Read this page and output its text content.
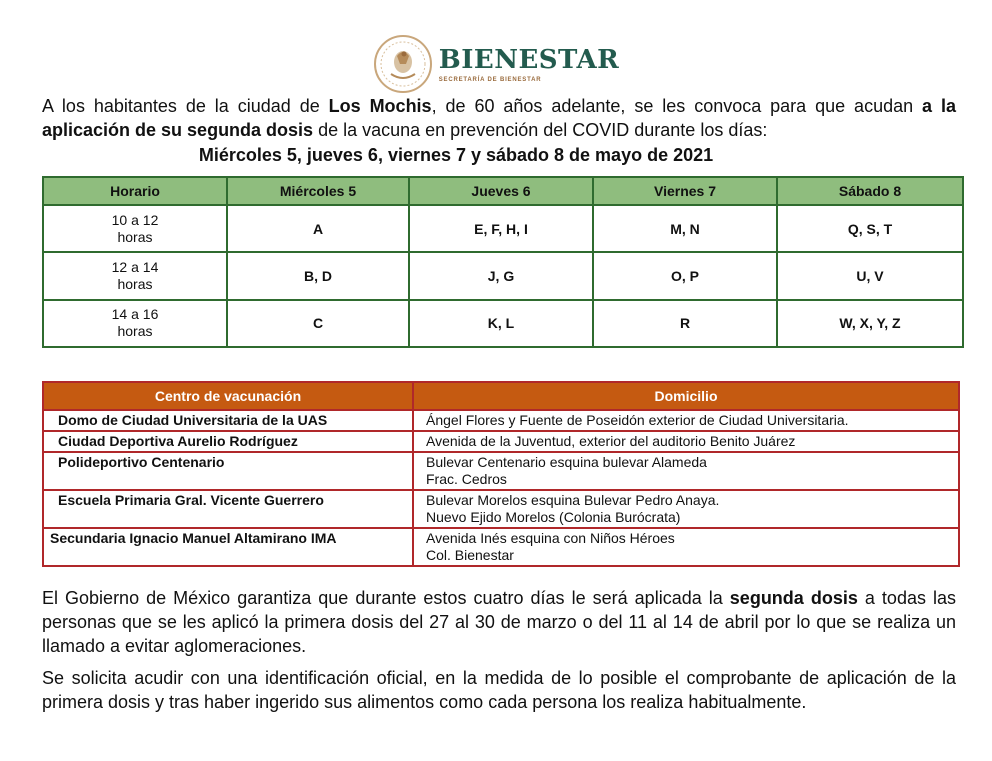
BIENESTAR
SECRETARÍA DE BIENESTAR
A los habitantes de la ciudad de Los Mochis, de 60 años adelante, se les convoca para que acudan a la aplicación de su segunda dosis de la vacuna en prevención del COVID durante los días:
Miércoles 5, jueves 6, viernes 7 y sábado 8 de mayo de 2021
Horario	Miércoles 5	Jueves 6	Viernes 7	Sábado 8
10 a 12
horas	A	E, F, H, I	M, N	Q, S, T
12 a 14
horas	B, D	J, G	O, P	U, V
14 a 16
horas	C	K, L	R	W, X, Y, Z
Centro de vacunación	Domicilio
Domo de Ciudad Universitaria de la UAS	Ángel Flores y Fuente de Poseidón exterior de Ciudad Universitaria.
Ciudad Deportiva Aurelio Rodríguez	Avenida de la Juventud, exterior del auditorio Benito Juárez
Polideportivo Centenario	Bulevar Centenario esquina bulevar Alameda
Frac. Cedros
Escuela Primaria Gral. Vicente Guerrero	Bulevar Morelos esquina Bulevar Pedro Anaya.
Nuevo Ejido Morelos (Colonia Burócrata)
Secundaria Ignacio Manuel Altamirano IMA	Avenida Inés esquina con Niños Héroes
Col. Bienestar
El Gobierno de México garantiza que durante estos cuatro días le será aplicada la segunda dosis a todas las personas que se les aplicó la primera dosis del 27 al 30 de marzo o del 11 al 14 de abril por lo que se realiza un llamado a evitar aglomeraciones.
Se solicita acudir con una identificación oficial, en la medida de lo posible el comprobante de aplicación de la primera dosis y tras haber ingerido sus alimentos como cada persona los realiza habitualmente.
